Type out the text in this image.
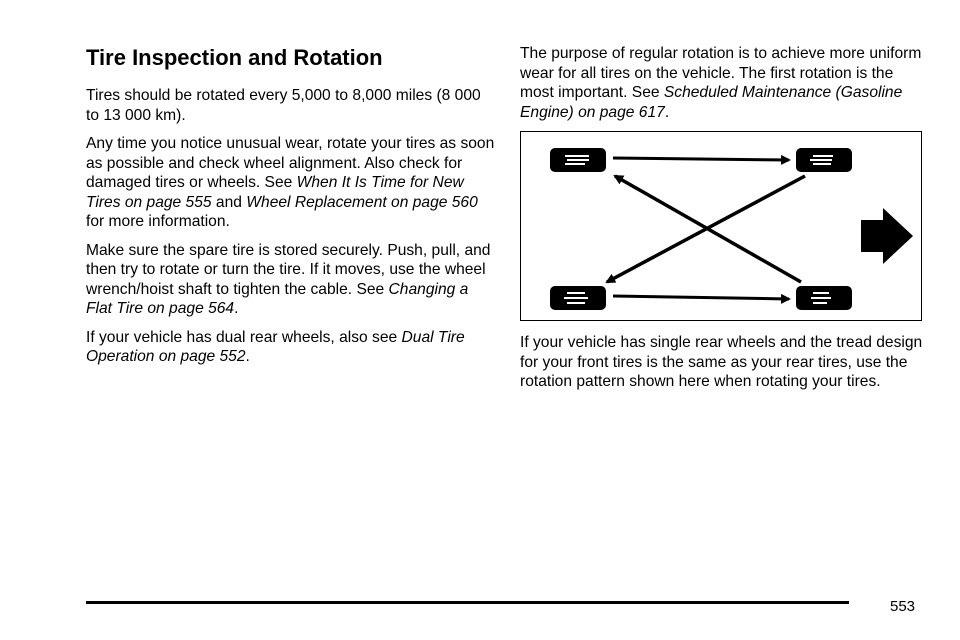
Tire Inspection and Rotation

Tires should be rotated every 5,000 to 8,000 miles (8 000 to 13 000 km).

Any time you notice unusual wear, rotate your tires as soon as possible and check wheel alignment. Also check for damaged tires or wheels. See When It Is Time for New Tires on page 555 and Wheel Replacement on page 560 for more information.

Make sure the spare tire is stored securely. Push, pull, and then try to rotate or turn the tire. If it moves, use the wheel wrench/hoist shaft to tighten the cable. See Changing a Flat Tire on page 564.

If your vehicle has dual rear wheels, also see Dual Tire Operation on page 552.

The purpose of regular rotation is to achieve more uniform wear for all tires on the vehicle. The first rotation is the most important. See Scheduled Maintenance (Gasoline Engine) on page 617.

If your vehicle has single rear wheels and the tread design for your front tires is the same as your rear tires, use the rotation pattern shown here when rotating your tires.

553
